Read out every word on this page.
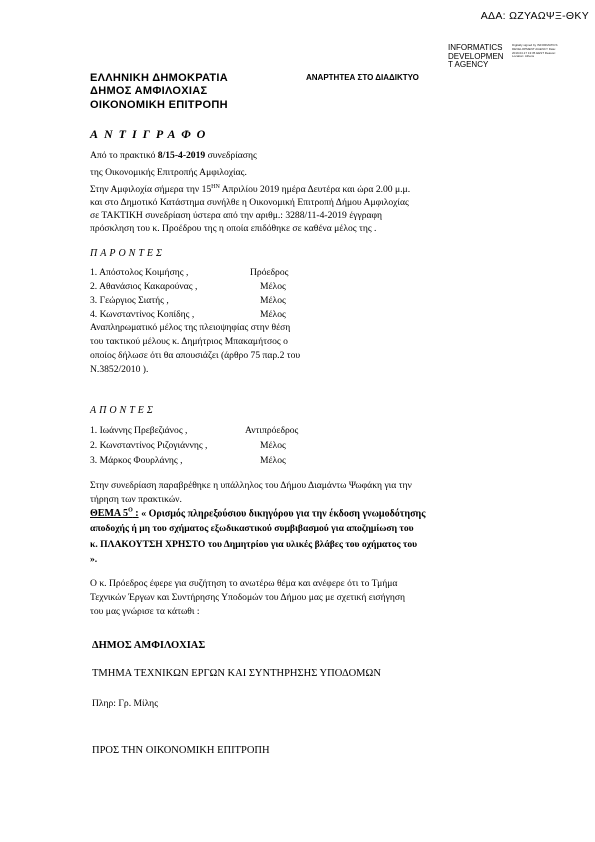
ΑΔΑ: ΩΖΥΑΩΨΞ-ΘΚΥ
INFORMATICS
DEVELOPMEN
T AGENCY
Digitally signed by INFORMATICS DEVELOPMENT AGENCY Date: 2019.04.17 13:35 EEST Reason: Location: Athens
ΕΛΛΗΝΙΚΗ ΔΗΜΟΚΡΑΤΙΑ
ΔΗΜΟΣ ΑΜΦΙΛΟΧΙΑΣ
ΟΙΚΟΝΟΜΙΚΗ ΕΠΙΤΡΟΠΗ
ΑΝΑΡΤΗΤΕΑ ΣΤΟ ΔΙΑΔΙΚΤΥΟ
ΑΝΤΙΓΡΑΦΟ
Από το πρακτικό 8/15-4-2019 συνεδρίασης
της Οικονομικής Επιτροπής Αμφιλοχίας.
Στην Αμφιλοχία σήμερα την $15^{HN}$ Απριλίου 2019 ημέρα Δευτέρα και ώρα 2.00 μ.μ.
και στο Δημοτικό Κατάστημα συνήλθε η Οικονομική Επιτροπή Δήμου Αμφιλοχίας
σε ΤΑΚΤΙΚΗ συνεδρίαση ύστερα από την αριθμ.: 3288/11-4-2019 έγγραφη
πρόσκληση του κ. Προέδρου της η οποία επιδόθηκε σε καθένα μέλος της .
ΠΑΡΟΝΤΕΣ
1. Απόστολος Κοιμήσης ,	Πρόεδρος
2. Αθανάσιος Κακαρούνας ,	Μέλος
3. Γεώργιος Σιατής ,	Μέλος
4. Κωνσταντίνος Κοπίδης ,	Μέλος
Αναπληρωματικό μέλος της πλειοψηφίας στην θέση
του τακτικού μέλους κ. Δημήτριος Μπακαμήτσος ο
οποίος δήλωσε ότι θα απουσιάζει (άρθρο 75 παρ.2 του
Ν.3852/2010 ).
ΑΠΟΝΤΕΣ
1. Ιωάννης Πρεβεζιάνος ,	Αντιπρόεδρος
2. Κωνσταντίνος Ριζογιάννης ,	Μέλος
3. Μάρκος Φουρλάνης ,	Μέλος
Στην συνεδρίαση παραβρέθηκε η υπάλληλος του Δήμου Διαμάντω Ψωφάκη για την
τήρηση των πρακτικών.
ΘΕΜΑ $5^O$ : « Ορισμός πληρεξούσιου δικηγόρου για την έκδοση γνωμοδότησης
αποδοχής ή μη του σχήματος εξωδικαστικού συμβιβασμού για αποζημίωση του
κ. ΠΛΑΚΟΥΤΣΗ ΧΡΗΣΤΟ του Δημητρίου για υλικές βλάβες του οχήματος του
».
Ο κ. Πρόεδρος έφερε για συζήτηση το ανωτέρω θέμα και ανέφερε ότι το Τμήμα
Τεχνικών Έργων και Συντήρησης Υποδομών του Δήμου μας με σχετική εισήγηση
του μας γνώρισε τα κάτωθι :
ΔΗΜΟΣ ΑΜΦΙΛΟΧΙΑΣ
ΤΜΗΜΑ ΤΕΧΝΙΚΩΝ ΕΡΓΩΝ ΚΑΙ ΣΥΝΤΗΡΗΣΗΣ ΥΠΟΔΟΜΩΝ
Πληρ: Γρ. Μίλης
ΠΡΟΣ ΤΗΝ ΟΙΚΟΝΟΜΙΚΗ ΕΠΙΤΡΟΠΗ
